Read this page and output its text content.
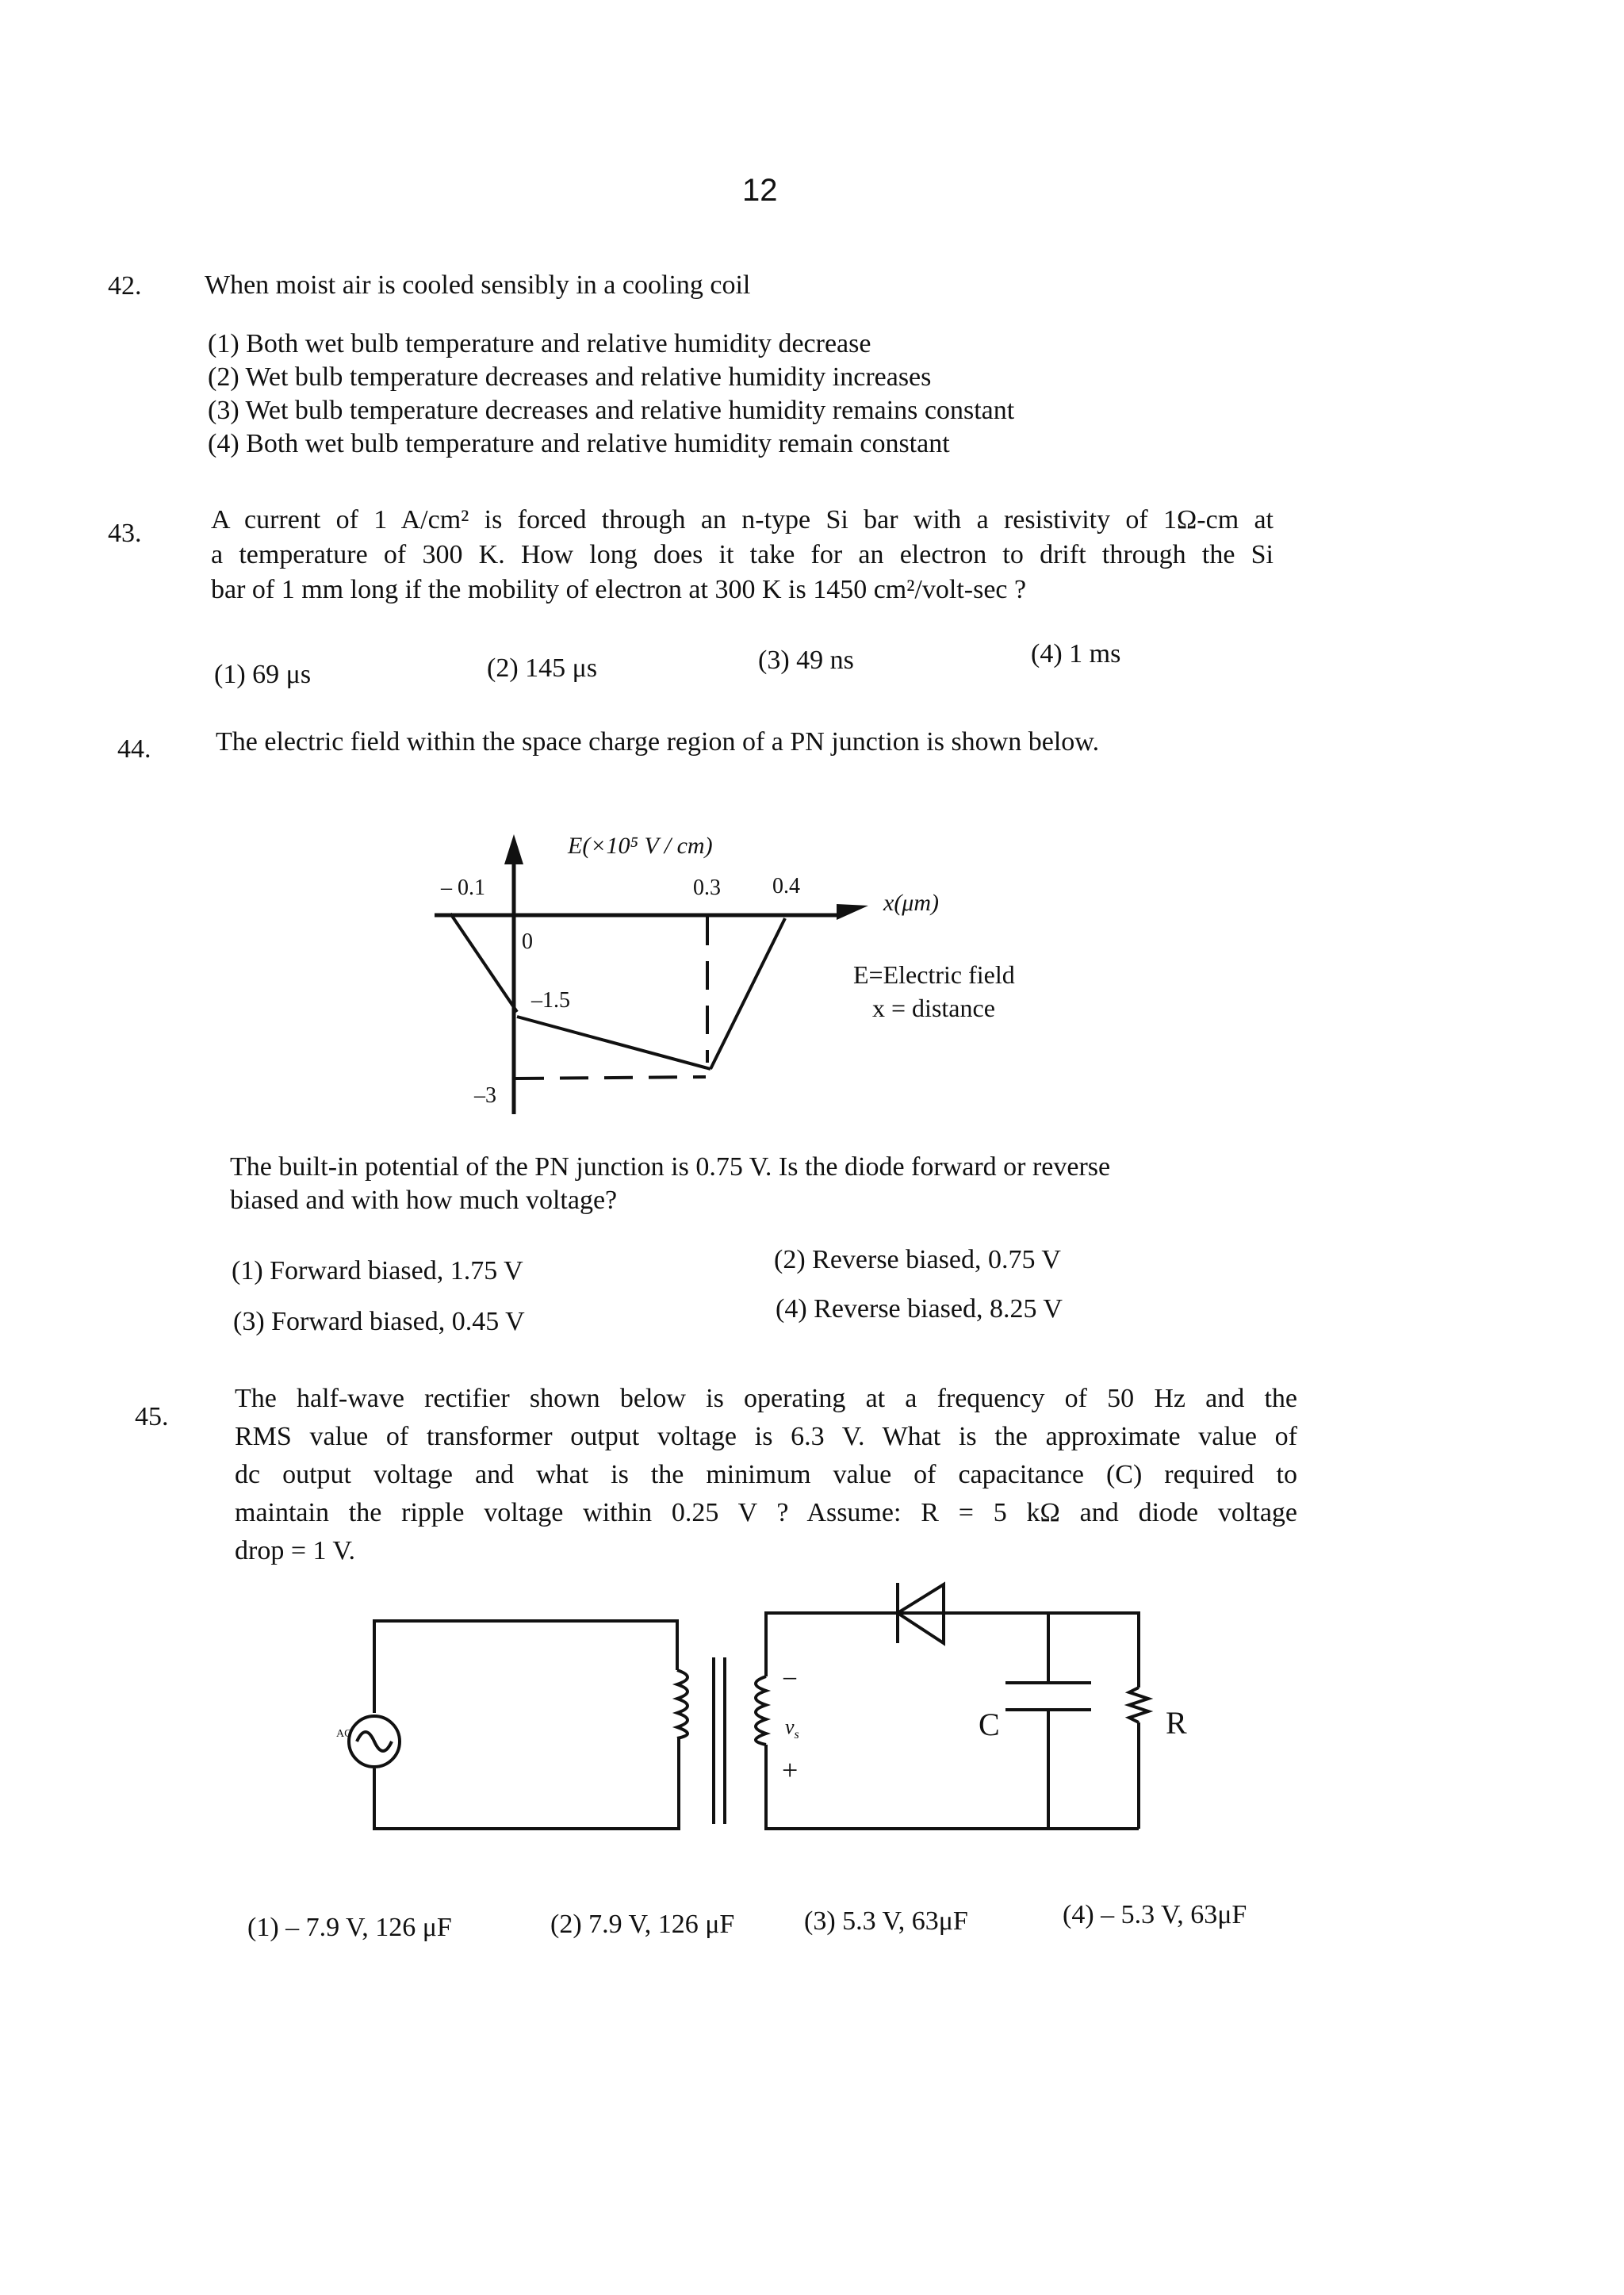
12
42. When moist air is cooled sensibly in a cooling coil
(1) Both wet bulb temperature and relative humidity decrease
(2) Wet bulb temperature decreases and relative humidity increases
(3) Wet bulb temperature decreases and relative humidity remains constant
(4) Both wet bulb temperature and relative humidity remain constant
43.	A current of 1 A/cm² is forced through an n-type Si bar with a resistivity of 1Ω-cm at
a temperature of 300 K. How long does it take for an electron to drift through the Si
bar of 1 mm long if the mobility of electron at 300 K is 1450 cm²/volt-sec ?
(1) 69 μs	(2) 145 μs	(3) 49 ns	(4) 1 ms
44. The electric field within the space charge region of a PN junction is shown below.
E(×10⁵ V / cm)
– 0.1	0.3 0.4
x(μm)
0
–1.5
–3
E=Electric field
x = distance
The built-in potential of the PN junction is 0.75 V. Is the diode forward or reverse
biased and with how much voltage?
(1) Forward biased, 1.75 V	(2) Reverse biased, 0.75 V
(3) Forward biased, 0.45 V	(4) Reverse biased, 8.25 V
45.
The half-wave rectifier shown below is operating at a frequency of 50 Hz and the
RMS value of transformer output voltage is 6.3 V. What is the approximate value of
dc output voltage and what is the minimum value of capacitance (C) required to
maintain the ripple voltage within 0.25 V ? Assume: R = 5 kΩ and diode voltage
drop = 1 V.
AC
–
$v_s$
+
C	R
(1) – 7.9 V, 126 μF	(2) 7.9 V, 126 μF	(3) 5.3 V, 63μF	(4) – 5.3 V, 63μF
